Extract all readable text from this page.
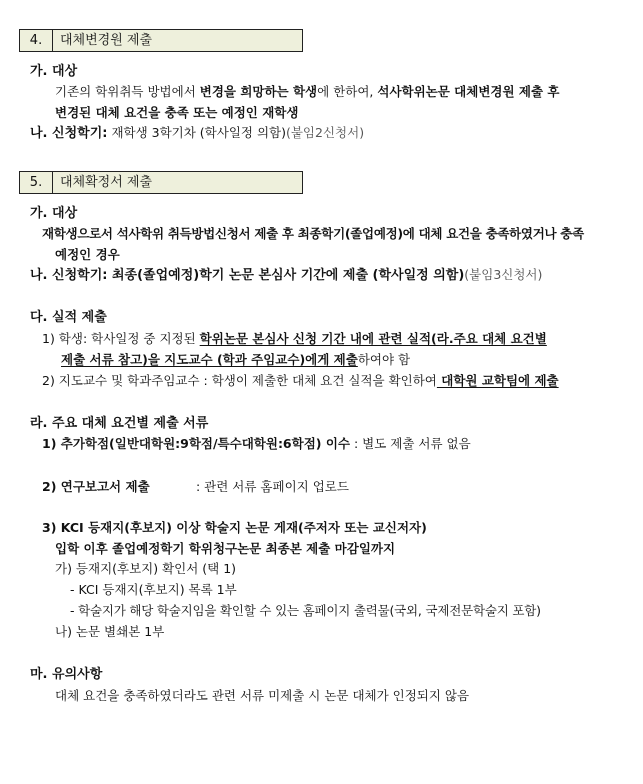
4.	대체변경원 제출
가. 대상
기존의 학위취득 방법에서 변경을 희망하는 학생에 한하여, 석사학위논문 대체변경원 제출 후
변경된 대체 요건을 충족 또는 예정인 재학생
나. 신청학기: 재학생 3학기차 (학사일정 의함)(붙임2신청서)
5.	대체확정서 제출
가. 대상
재학생으로서 석사학위 취득방법신청서 제출 후 최종학기(졸업예정)에 대체 요건을 충족하였거나 충족
예정인 경우
나. 신청학기: 최종(졸업예정)학기 논문 본심사 기간에 제출 (학사일정 의함)(붙임3신청서)
다. 실적 제출
1) 학생: 학사일정 중 지정된 학위논문 본심사 신청 기간 내에 관련 실적(라.주요 대체 요건별
제출 서류 참고)을 지도교수 (학과 주임교수)에게 제출하여야 함
2) 지도교수 및 학과주임교수 : 학생이 제출한 대체 요건 실적을 확인하여 대학원 교학팀에 제출
라. 주요 대체 요건별 제출 서류
1) 추가학점(일반대학원:9학점/특수대학원:6학점) 이수 : 별도 제출 서류 없음
2) 연구보고서 제출	: 관련 서류 홈페이지 업로드
3) KCI 등재지(후보지) 이상 학술지 논문 게재(주저자 또는 교신저자)
입학 이후 졸업예정학기 학위청구논문 최종본 제출 마감일까지
가) 등재지(후보지) 확인서 (택 1)
- KCI 등재지(후보지) 목록 1부
- 학술지가 해당 학술지임을 확인할 수 있는 홈페이지 출력물(국외, 국제전문학술지 포함)
나) 논문 별쇄본 1부
마. 유의사항
대체 요건을 충족하였더라도 관련 서류 미제출 시 논문 대체가 인정되지 않음
